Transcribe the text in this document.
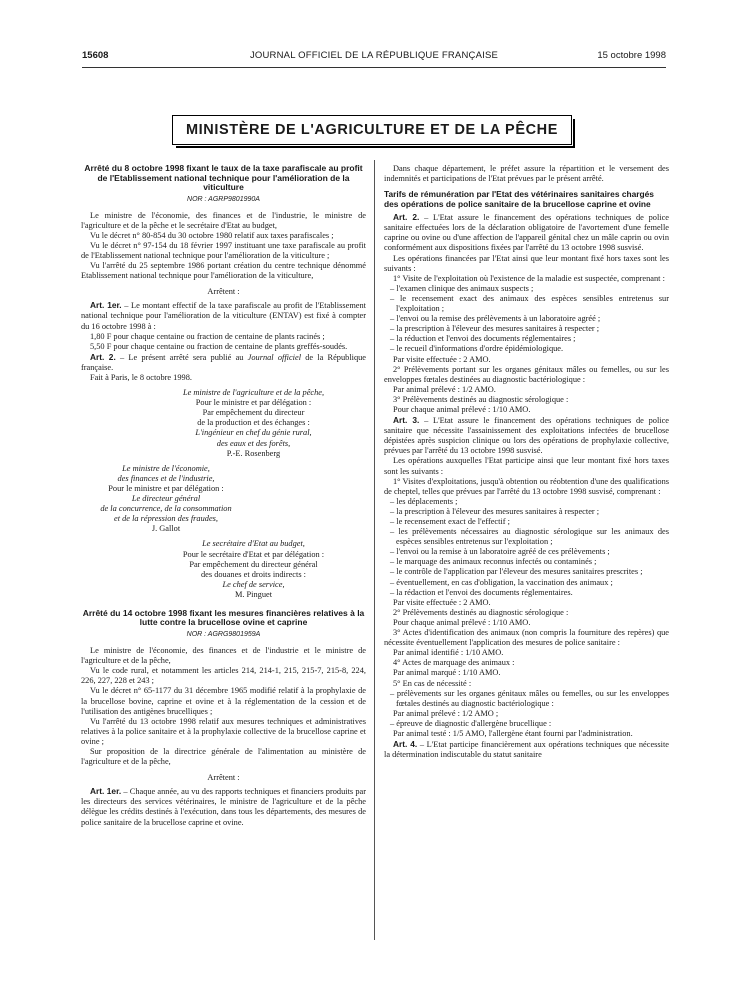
15608	JOURNAL OFFICIEL DE LA RÉPUBLIQUE FRANÇAISE	15 octobre 1998
MINISTÈRE DE L'AGRICULTURE ET DE LA PÊCHE

Arrêté du 8 octobre 1998 fixant le taux de la taxe parafiscale au profit de l'Etablissement national technique pour l'amélioration de la viticulture

NOR : AGRP9801990A

Le ministre de l'économie, des finances et de l'industrie, le ministre de l'agriculture et de la pêche et le secrétaire d'Etat au budget,

Vu le décret n° 80-854 du 30 octobre 1980 relatif aux taxes parafiscales ;

Vu le décret n° 97-154 du 18 février 1997 instituant une taxe parafiscale au profit de l'Etablissement national technique pour l'amélioration de la viticulture ;

Vu l'arrêté du 25 septembre 1986 portant création du centre technique dénommé Etablissement national technique pour l'amélioration de la viticulture,

Arrêtent :

Art. 1er. – Le montant effectif de la taxe parafiscale au profit de l'Etablissement national technique pour l'amélioration de la viticulture (ENTAV) est fixé à compter du 16 octobre 1998 à :

1,80 F pour chaque centaine ou fraction de centaine de plants racinés ;

5,50 F pour chaque centaine ou fraction de centaine de plants greffés-soudés.

Art. 2. – Le présent arrêté sera publié au Journal officiel de la République française.

Fait à Paris, le 8 octobre 1998.

Le ministre de l'agriculture et de la pêche,

Pour le ministre et par délégation :

Par empêchement du directeur

de la production et des échanges :

L'ingénieur en chef du génie rural,

des eaux et des forêts,

P.-E. Rosenberg

Le ministre de l'économie,

des finances et de l'industrie,

Pour le ministre et par délégation :

Le directeur général

de la concurrence, de la consommation

et de la répression des fraudes,

J. Gallot

Le secrétaire d'Etat au budget,

Pour le secrétaire d'Etat et par délégation :

Par empêchement du directeur général

des douanes et droits indirects :

Le chef de service,

M. Pinguet

Arrêté du 14 octobre 1998 fixant les mesures financières relatives à la lutte contre la brucellose ovine et caprine

NOR : AGRG9801959A

Le ministre de l'économie, des finances et de l'industrie et le ministre de l'agriculture et de la pêche,

Vu le code rural, et notamment les articles 214, 214-1, 215, 215-7, 215-8, 224, 226, 227, 228 et 243 ;

Vu le décret n° 65-1177 du 31 décembre 1965 modifié relatif à la prophylaxie de la brucellose bovine, caprine et ovine et à la réglementation de la cession et de l'utilisation des antigènes brucelliques ;

Vu l'arrêté du 13 octobre 1998 relatif aux mesures techniques et administratives relatives à la police sanitaire et à la prophylaxie collective de la brucellose caprine et ovine ;

Sur proposition de la directrice générale de l'alimentation au ministère de l'agriculture et de la pêche,

Arrêtent :

Art. 1er. – Chaque année, au vu des rapports techniques et financiers produits par les directeurs des services vétérinaires, le ministre de l'agriculture et de la pêche délègue les crédits destinés à l'exécution, dans tous les départements, des mesures de police sanitaire de la brucellose caprine et ovine.

Dans chaque département, le préfet assure la répartition et le versement des indemnités et participations de l'Etat prévues par le présent arrêté.

Tarifs de rémunération par l'Etat des vétérinaires sanitaires chargés des opérations de police sanitaire de la brucellose caprine et ovine

Art. 2. – L'Etat assure le financement des opérations techniques de police sanitaire effectuées lors de la déclaration obligatoire de l'avortement d'une femelle caprine ou ovine ou d'une affection de l'appareil génital chez un mâle caprin ou ovin conformément aux dispositions fixées par l'arrêté du 13 octobre 1998 susvisé.

Les opérations financées par l'Etat ainsi que leur montant fixé hors taxes sont les suivants :

1° Visite de l'exploitation où l'existence de la maladie est suspectée, comprenant :

– l'examen clinique des animaux suspects ;

– le recensement exact des animaux des espèces sensibles entretenus sur l'exploitation ;

– l'envoi ou la remise des prélèvements à un laboratoire agréé ;

– la prescription à l'éleveur des mesures sanitaires à respecter ;

– la réduction et l'envoi des documents réglementaires ;

– le recueil d'informations d'ordre épidémiologique.

Par visite effectuée : 2 AMO.

2° Prélèvements portant sur les organes génitaux mâles ou femelles, ou sur les enveloppes fœtales destinées au diagnostic bactériologique :

Par animal prélevé : 1/2 AMO.

3° Prélèvements destinés au diagnostic sérologique :

Pour chaque animal prélevé : 1/10 AMO.

Art. 3. – L'Etat assure le financement des opérations techniques de police sanitaire que nécessite l'assainissement des exploitations infectées de brucellose dépistées après suspicion clinique ou lors des opérations de prophylaxie collective, prévues par l'arrêté du 13 octobre 1998 susvisé.

Les opérations auxquelles l'Etat participe ainsi que leur montant fixé hors taxes sont les suivants :

1° Visites d'exploitations, jusqu'à obtention ou réobtention d'une des qualifications de cheptel, telles que prévues par l'arrêté du 13 octobre 1998 susvisé, comprenant :

– les déplacements ;

– la prescription à l'éleveur des mesures sanitaires à respecter ;

– le recensement exact de l'effectif ;

– les prélèvements nécessaires au diagnostic sérologique sur les animaux des espèces sensibles entretenus sur l'exploitation ;

– l'envoi ou la remise à un laboratoire agréé de ces prélèvements ;

– le marquage des animaux reconnus infectés ou contaminés ;

– le contrôle de l'application par l'éleveur des mesures sanitaires prescrites ;

– éventuellement, en cas d'obligation, la vaccination des animaux ;

– la rédaction et l'envoi des documents réglementaires.

Par visite effectuée : 2 AMO.

2° Prélèvements destinés au diagnostic sérologique :

Pour chaque animal prélevé : 1/10 AMO.

3° Actes d'identification des animaux (non compris la fourniture des repères) que nécessite éventuellement l'application des mesures de police sanitaire :

Par animal identifié : 1/10 AMO.

4° Actes de marquage des animaux :

Par animal marqué : 1/10 AMO.

5° En cas de nécessité :

– prélèvements sur les organes génitaux mâles ou femelles, ou sur les enveloppes fœtales destinés au diagnostic bactériologique :

Par animal prélevé : 1/2 AMO ;

– épreuve de diagnostic d'allergène brucellique :

Par animal testé : 1/5 AMO, l'allergène étant fourni par l'administration.

Art. 4. – L'Etat participe financièrement aux opérations techniques que nécessite la détermination indiscutable du statut sanitaire
